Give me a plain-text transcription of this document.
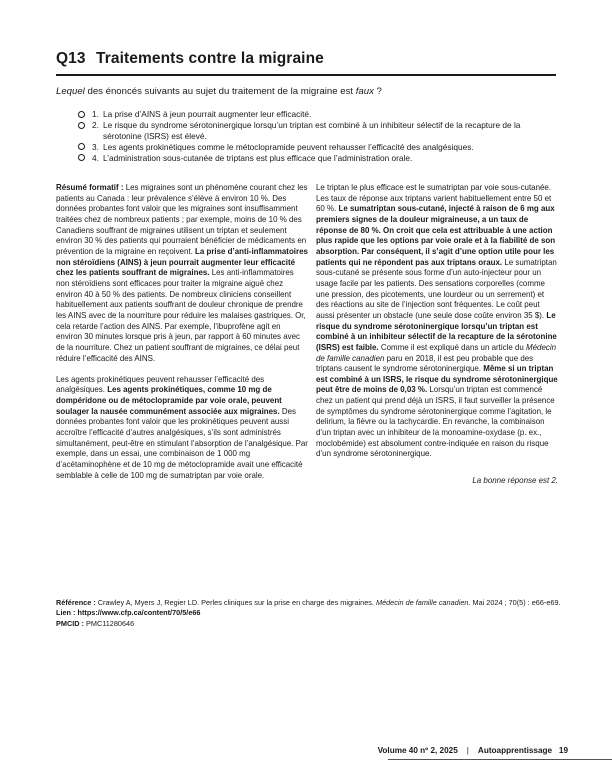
Q13 Traitements contre la migraine
Lequel des énoncés suivants au sujet du traitement de la migraine est faux ?
1. La prise d’AINS à jeun pourrait augmenter leur efficacité.
2. Le risque du syndrome sérotoninergique lorsqu’un triptan est combiné à un inhibiteur sélectif de la recapture de la sérotonine (ISRS) est élevé.
3. Les agents prokinétiques comme le métoclopramide peuvent rehausser l’efficacité des analgésiques.
4. L’administration sous-cutanée de triptans est plus efficace que l’administration orale.

Résumé formatif : Les migraines sont un phénomène courant chez les patients au Canada : leur prévalence s’élève à environ 10 %. Des données probantes font valoir que les migraines sont insuffisamment traitées chez de nombreux patients ; par exemple, moins de 10 % des Canadiens souffrant de migraines utilisent un triptan et seulement environ 30 % des patients qui pourraient bénéficier de médicaments en prévention de la migraine en reçoivent. La prise d’anti-inflammatoires non stéroïdiens (AINS) à jeun pourrait augmenter leur efficacité chez les patients souffrant de migraines. Les anti-inflammatoires non stéroïdiens sont efficaces pour traiter la migraine aiguë chez environ 40 à 50 % des patients. De nombreux cliniciens conseillent habituellement aux patients souffrant de douleur chronique de prendre les AINS avec de la nourriture pour réduire les malaises gastriques. Or, cela retarde l’action des AINS. Par exemple, l’ibuprofène agit en environ 30 minutes lorsque pris à jeun, par rapport à 60 minutes avec de la nourriture. Chez un patient souffrant de migraines, ce délai peut réduire l’efficacité des AINS.

Les agents prokinétiques peuvent rehausser l’efficacité des analgésiques. Les agents prokinétiques, comme 10 mg de dompéridone ou de métoclopramide par voie orale, peuvent soulager la nausée communément associée aux migraines. Des données probantes font valoir que les prokinétiques peuvent aussi accroître l’efficacité d’autres analgésiques, s’ils sont administrés simultanément, peut-être en stimulant l’absorption de l’analgésique. Par exemple, dans un essai, une combinaison de 1 000 mg d’acétaminophène et de 10 mg de métoclopramide avait une efficacité semblable à celle de 100 mg de sumatriptan par voie orale.

Le triptan le plus efficace est le sumatriptan par voie sous-cutanée. Les taux de réponse aux triptans varient habituellement entre 50 et 60 %. Le sumatriptan sous-cutané, injecté à raison de 6 mg aux premiers signes de la douleur migraineuse, a un taux de réponse de 80 %. On croit que cela est attribuable à une action plus rapide que les options par voie orale et à la fiabilité de son absorption. Par conséquent, il s’agit d’une option utile pour les patients qui ne répondent pas aux triptans oraux. Le sumatriptan sous-cutané se présente sous forme d’un auto-injecteur pour un usage facile par les patients. Des sensations corporelles (comme une pression, des picotements, une lourdeur ou un serrement) et des réactions au site de l’injection sont fréquentes. Le coût peut aussi présenter un obstacle (une seule dose coûte environ 35 $). Le risque du syndrome sérotoninergique lorsqu’un triptan est combiné à un inhibiteur sélectif de la recapture de la sérotonine (ISRS) est faible. Comme il est expliqué dans un article du Médecin de famille canadien paru en 2018, il est peu probable que des triptans causent le syndrome sérotoninergique. Même si un triptan est combiné à un ISRS, le risque du syndrome sérotoninergique peut être de moins de 0,03 %. Lorsqu’un triptan est commencé chez un patient qui prend déjà un ISRS, il faut surveiller la présence de symptômes du syndrome sérotoninergique comme l’agitation, le delirium, la fièvre ou la tachycardie. En revanche, la combinaison d’un triptan avec un inhibiteur de la monoamine-oxydase (p. ex., moclobémide) est absolument contre-indiquée en raison du risque d’un syndrome sérotoninergique.

La bonne réponse est 2.

Référence : Crawley A, Myers J, Regier LD. Perles cliniques sur la prise en charge des migraines. Médecin de famille canadien. Mai 2024 ; 70(5) : e66-e69.

Lien : https://www.cfp.ca/content/70/5/e66

PMCID : PMC11280646

Volume 40 nº 2, 2025 | Autoapprentissage 19
